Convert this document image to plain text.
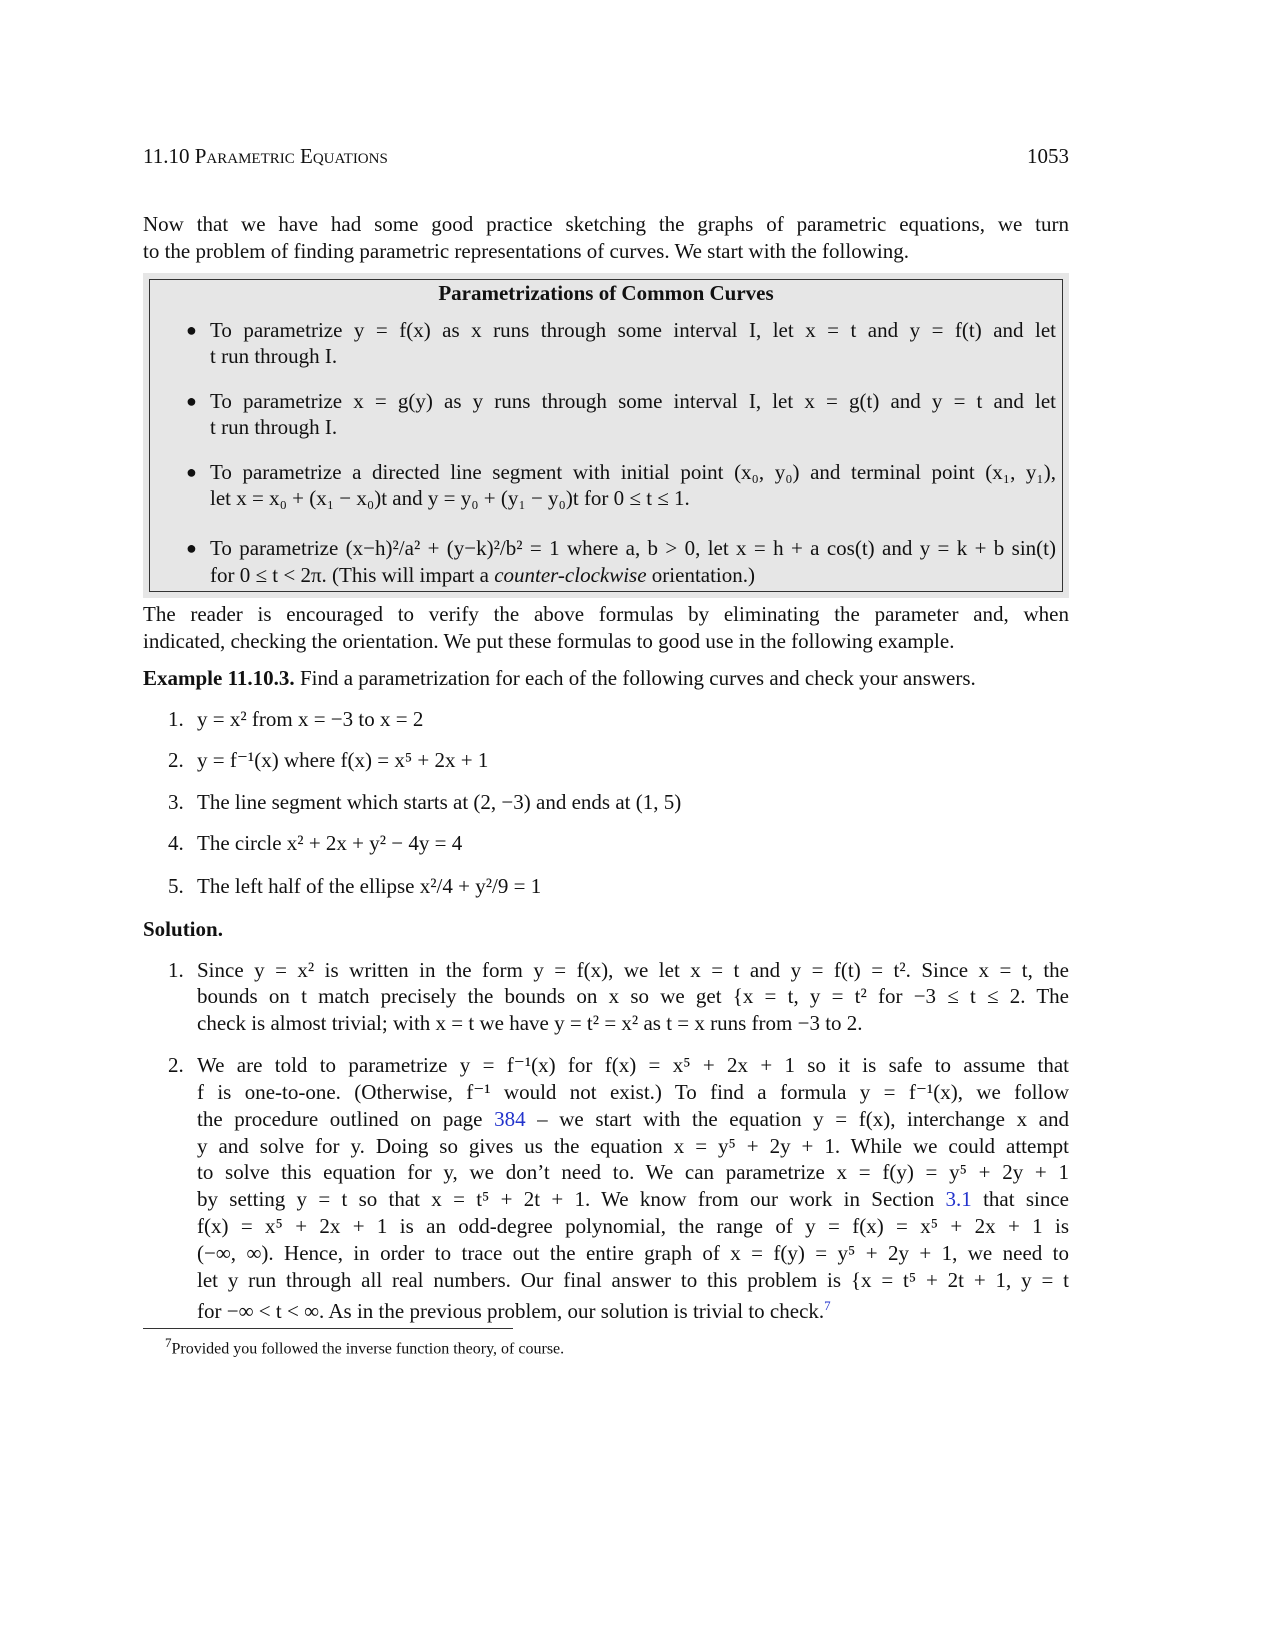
11.10 Parametric Equations	1053
Now that we have had some good practice sketching the graphs of parametric equations, we turn
to the problem of finding parametric representations of curves. We start with the following.
Parametrizations of Common Curves
● To parametrize y = f(x) as x runs through some interval I, let x = t and y = f(t) and let
t run through I.
● To parametrize x = g(y) as y runs through some interval I, let x = g(t) and y = t and let
t run through I.
● To parametrize a directed line segment with initial point (x₀, y₀) and terminal point (x₁, y₁),
let x = x₀ + (x₁ − x₀)t and y = y₀ + (y₁ − y₀)t for 0 ≤ t ≤ 1.
● To parametrize (x−h)²/a² + (y−k)²/b² = 1 where a, b > 0, let x = h + a cos(t) and y = k + b sin(t)
for 0 ≤ t < 2π. (This will impart a counter-clockwise orientation.)
The reader is encouraged to verify the above formulas by eliminating the parameter and, when
indicated, checking the orientation. We put these formulas to good use in the following example.
Example 11.10.3. Find a parametrization for each of the following curves and check your answers.
1. y = x² from x = −3 to x = 2
2. y = f⁻¹(x) where f(x) = x⁵ + 2x + 1
3. The line segment which starts at (2, −3) and ends at (1, 5)
4. The circle x² + 2x + y² − 4y = 4
5. The left half of the ellipse x²/4 + y²/9 = 1
Solution.
1. Since y = x² is written in the form y = f(x), we let x = t and y = f(t) = t². Since x = t, the
bounds on t match precisely the bounds on x so we get {x = t, y = t² for −3 ≤ t ≤ 2. The
check is almost trivial; with x = t we have y = t² = x² as t = x runs from −3 to 2.
2. We are told to parametrize y = f⁻¹(x) for f(x) = x⁵ + 2x + 1 so it is safe to assume that
f is one-to-one. (Otherwise, f⁻¹ would not exist.) To find a formula y = f⁻¹(x), we follow
the procedure outlined on page 384 – we start with the equation y = f(x), interchange x and
y and solve for y. Doing so gives us the equation x = y⁵ + 2y + 1. While we could attempt
to solve this equation for y, we don’t need to. We can parametrize x = f(y) = y⁵ + 2y + 1
by setting y = t so that x = t⁵ + 2t + 1. We know from our work in Section 3.1 that since
f(x) = x⁵ + 2x + 1 is an odd-degree polynomial, the range of y = f(x) = x⁵ + 2x + 1 is
(−∞, ∞). Hence, in order to trace out the entire graph of x = f(y) = y⁵ + 2y + 1, we need to
let y run through all real numbers. Our final answer to this problem is {x = t⁵ + 2t + 1, y = t
for −∞ < t < ∞. As in the previous problem, our solution is trivial to check.$^7$
$^7$Provided you followed the inverse function theory, of course.
